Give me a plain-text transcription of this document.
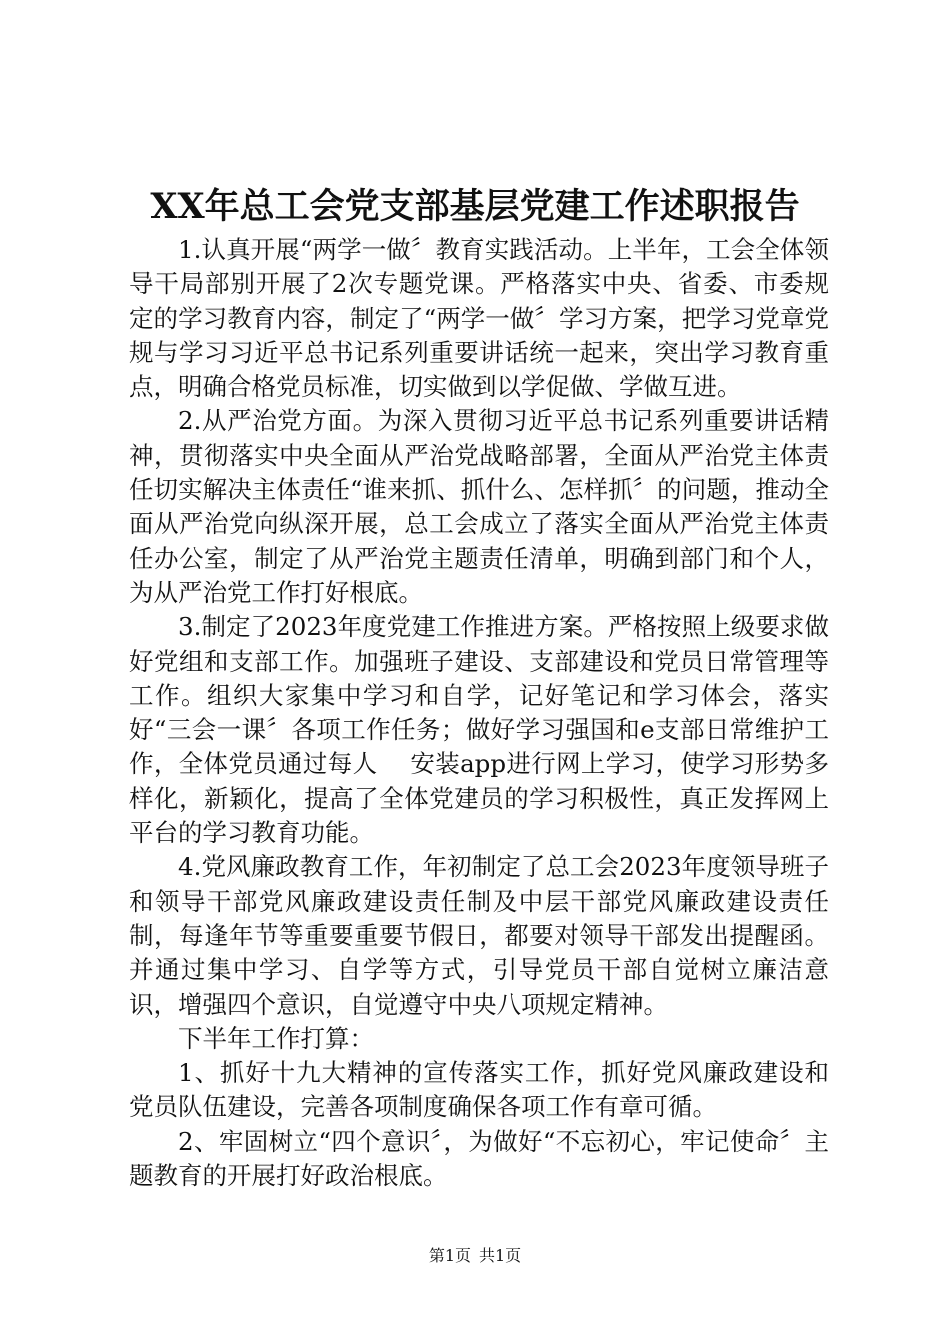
XX年总工会党支部基层党建工作述职报告

1.认真开展“两学一做〞教育实践活动。上半年，工会全体领导干局部别开展了2次专题党课。严格落实中央、省委、市委规定的学习教育内容，制定了“两学一做〞学习方案，把学习党章党规与学习习近平总书记系列重要讲话统一起来，突出学习教育重点，明确合格党员标准，切实做到以学促做、学做互进。

2.从严治党方面。为深入贯彻习近平总书记系列重要讲话精神，贯彻落实中央全面从严治党战略部署，全面从严治党主体责任切实解决主体责任“谁来抓、抓什么、怎样抓〞的问题，推动全面从严治党向纵深开展，总工会成立了落实全面从严治党主体责任办公室，制定了从严治党主题责任清单，明确到部门和个人，为从严治党工作打好根底。

3.制定了2023年度党建工作推进方案。严格按照上级要求做好党组和支部工作。加强班子建设、支部建设和党员日常管理等工作。组织大家集中学习和自学，记好笔记和学习体会，落实好“三会一课〞各项工作任务；做好学习强国和e支部日常维护工作，全体党员通过每人　 安装app进行网上学习，使学习形势多样化，新颖化，提高了全体党建员的学习积极性，真正发挥网上平台的学习教育功能。

4.党风廉政教育工作，年初制定了总工会2023年度领导班子和领导干部党风廉政建设责任制及中层干部党风廉政建设责任制，每逢年节等重要重要节假日，都要对领导干部发出提醒函。并通过集中学习、自学等方式，引导党员干部自觉树立廉洁意识，增强四个意识，自觉遵守中央八项规定精神。

下半年工作打算：

1、抓好十九大精神的宣传落实工作，抓好党风廉政建设和党员队伍建设，完善各项制度确保各项工作有章可循。

2、牢固树立“四个意识〞，为做好“不忘初心，牢记使命〞主题教育的开展打好政治根底。

第1页 共1页
